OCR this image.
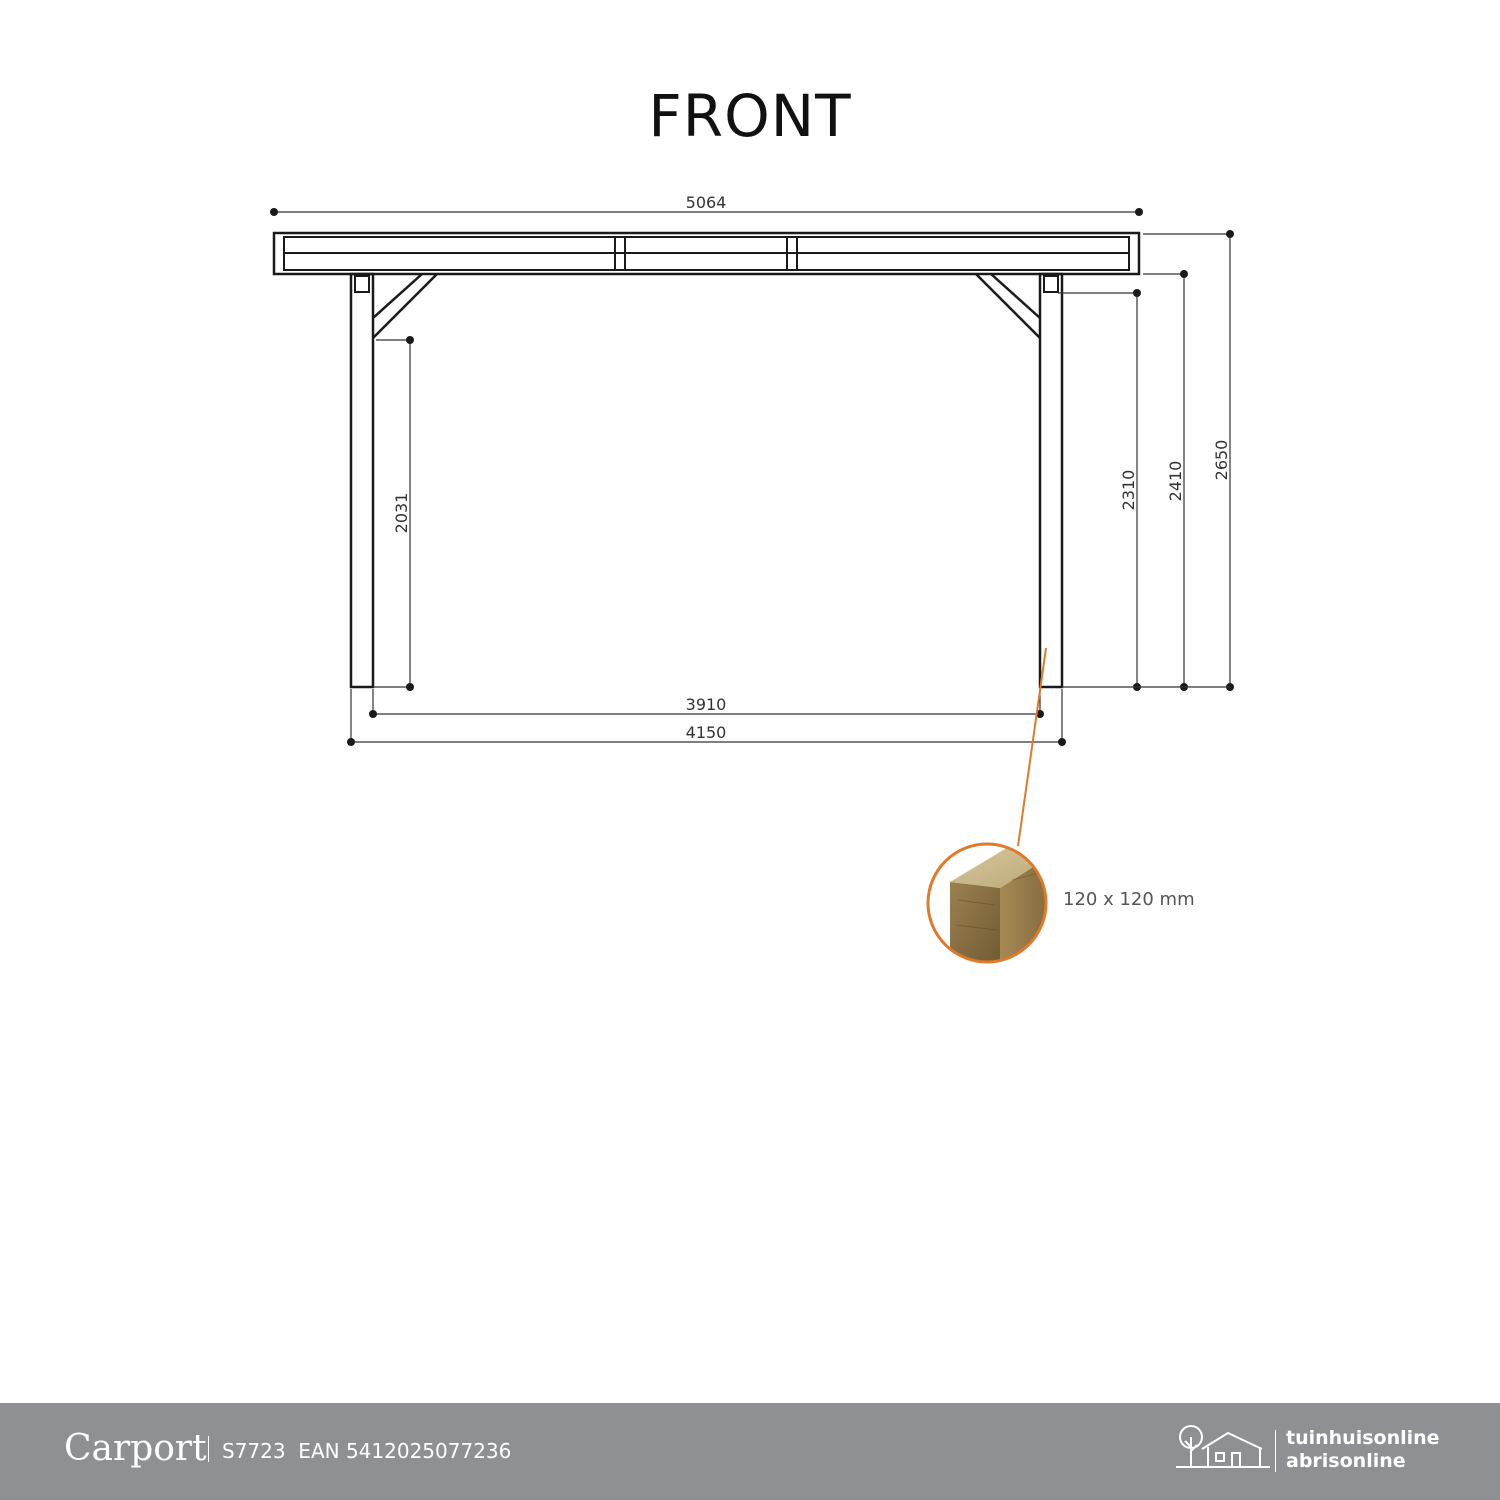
FRONT
5064
2031
2310 2410
2650
3910
4150
120 x 120 mm
Carport S7723  EAN 5412025077236
tuinhuisonline
abrisonline
